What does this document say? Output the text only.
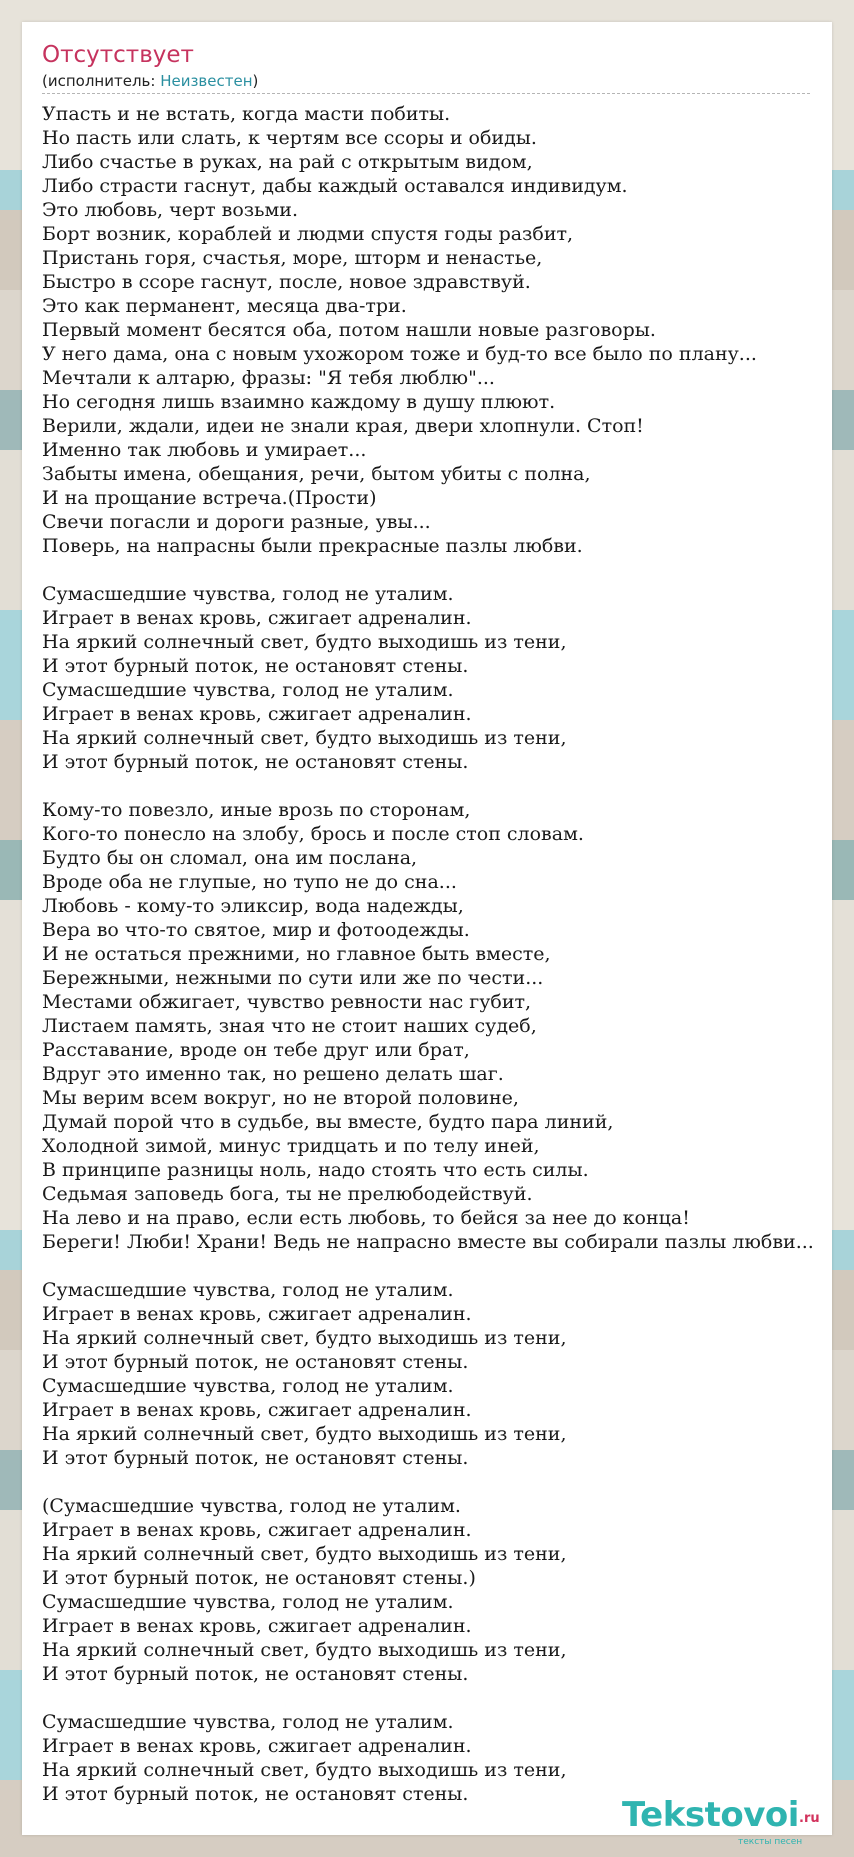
Отсутствует
(исполнитель: Неизвестен)
Упасть и не встать, когда масти побиты.
Но пасть или слать, к чертям все ссоры и обиды.
Либо счастье в руках, на рай с открытым видом,
Либо страсти гаснут, дабы каждый оставался индивидум.
Это любовь, черт возьми.
Борт возник, кораблей и людми спустя годы разбит,
Пристань горя, счастья, море, шторм и ненастье,
Быстро в ссоре гаснут, после, новое здравствуй.
Это как перманент, месяца два-три.
Первый момент бесятся оба, потом нашли новые разговоры.
У него дама, она с новым ухожором тоже и буд-то все было по плану...
Мечтали к алтарю, фразы: "Я тебя люблю"...
Но сегодня лишь взаимно каждому в душу плюют.
Верили, ждали, идеи не знали края, двери хлопнули. Стоп!
Именно так любовь и умирает...
Забыты имена, обещания, речи, бытом убиты с полна,
И на прощание встреча.(Прости)
Свечи погасли и дороги разные, увы...
Поверь, на напрасны были прекрасные пазлы любви.

Сумасшедшие чувства, голод не уталим.
Играет в венах кровь, сжигает адреналин.
На яркий солнечный свет, будто выходишь из тени,
И этот бурный поток, не остановят стены.
Сумасшедшие чувства, голод не уталим.
Играет в венах кровь, сжигает адреналин.
На яркий солнечный свет, будто выходишь из тени,
И этот бурный поток, не остановят стены.

Кому-то повезло, иные врозь по сторонам,
Кого-то понесло на злобу, брось и после стоп словам.
Будто бы он сломал, она им послана,
Вроде оба не глупые, но тупо не до сна...
Любовь - кому-то эликсир, вода надежды,
Вера во что-то святое, мир и фотоодежды.
И не остаться прежними, но главное быть вместе,
Бережными, нежными по сути или же по чести...
Местами обжигает, чувство ревности нас губит,
Листаем память, зная что не стоит наших судеб,
Расставание, вроде он тебе друг или брат,
Вдруг это именно так, но решено делать шаг.
Мы верим всем вокруг, но не второй половине,
Думай порой что в судьбе, вы вместе, будто пара линий,
Холодной зимой, минус тридцать и по телу иней,
В принципе разницы ноль, надо стоять что есть силы.
Седьмая заповедь бога, ты не прелюбодействуй.
На лево и на право, если есть любовь, то бейся за нее до конца!
Береги! Люби! Храни! Ведь не напрасно вместе вы собирали пазлы любви...

Сумасшедшие чувства, голод не уталим.
Играет в венах кровь, сжигает адреналин.
На яркий солнечный свет, будто выходишь из тени,
И этот бурный поток, не остановят стены.
Сумасшедшие чувства, голод не уталим.
Играет в венах кровь, сжигает адреналин.
На яркий солнечный свет, будто выходишь из тени,
И этот бурный поток, не остановят стены.

(Сумасшедшие чувства, голод не уталим.
Играет в венах кровь, сжигает адреналин.
На яркий солнечный свет, будто выходишь из тени,
И этот бурный поток, не остановят стены.)
Сумасшедшие чувства, голод не уталим.
Играет в венах кровь, сжигает адреналин.
На яркий солнечный свет, будто выходишь из тени,
И этот бурный поток, не остановят стены.

Сумасшедшие чувства, голод не уталим.
Играет в венах кровь, сжигает адреналин.
На яркий солнечный свет, будто выходишь из тени,
И этот бурный поток, не остановят стены.
Tekstovoi .ru
тексты песен
